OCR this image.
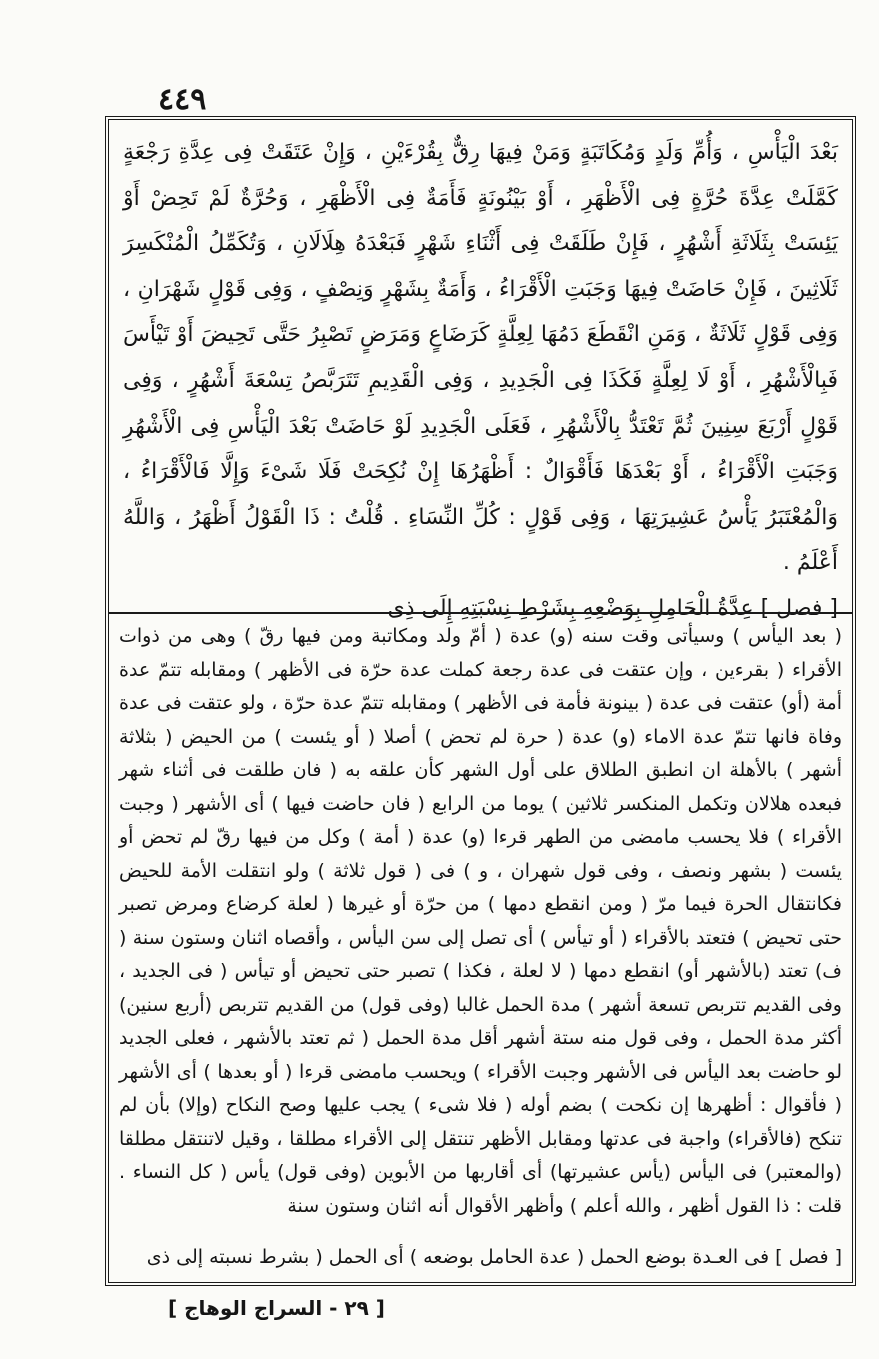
٤٤٩

بَعْدَ الْيَأْسِ ، وَأُمِّ وَلَدٍ وَمُكَاتَبَةٍ وَمَنْ فِيهَا رِقٌّ بِقُرْءَيْنِ ، وَإِنْ عَتَقَتْ فِى عِدَّةِ رَجْعَةٍ كَمَّلَتْ عِدَّةَ حُرَّةٍ فِى الْأَظْهَرِ ، أَوْ بَيْنُونَةٍ فَأَمَةٌ فِى الْأَظْهَرِ ، وَحُرَّةٌ لَمْ تَحِضْ أَوْ يَئِسَتْ بِثَلَاثَةِ أَشْهُرٍ ، فَإِنْ طَلَقَتْ فِى أَثْنَاءِ شَهْرٍ فَبَعْدَهُ هِلَالَانِ ، وَتُكَمِّلُ الْمُنْكَسِرَ ثَلَاثِينَ ، فَإِنْ حَاضَتْ فِيهَا وَجَبَتِ الْأَقْرَاءُ ، وَأَمَةٌ بِشَهْرٍ وَنِصْفٍ ، وَفِى قَوْلٍ شَهْرَانِ ، وَفِى قَوْلٍ ثَلَاثَةٌ ، وَمَنِ انْقَطَعَ دَمُهَا لِعِلَّةٍ كَرَضَاعٍ وَمَرَضٍ تَصْبِرُ حَتَّى تَحِيضَ أَوْ تَيْأَسَ فَبِالْأَشْهُرِ ، أَوْ لَا لِعِلَّةٍ فَكَذَا فِى الْجَدِيدِ ، وَفِى الْقَدِيمِ تَتَرَبَّصُ تِسْعَةَ أَشْهُرٍ ، وَفِى قَوْلٍ أَرْبَعَ سِنِينَ ثُمَّ تَعْتَدُّ بِالْأَشْهُرِ ، فَعَلَى الْجَدِيدِ لَوْ حَاضَتْ بَعْدَ الْيَأْسِ فِى الْأَشْهُرِ وَجَبَتِ الْأَقْرَاءُ ، أَوْ بَعْدَهَا فَأَقْوَالٌ : أَظْهَرُهَا إِنْ نُكِحَتْ فَلَا شَىْءَ وَإِلَّا فَالْأَقْرَاءُ ، وَالْمُعْتَبَرُ يَأْسُ عَشِيرَتِهَا ، وَفِى قَوْلٍ : كُلِّ النِّسَاءِ . قُلْتُ : ذَا الْقَوْلُ أَظْهَرُ ، وَاللَّهُ أَعْلَمُ .

[ فصل ] عِدَّةُ الْحَامِلِ بِوَضْعِهِ بِشَرْطِ نِسْبَتِهِ إِلَى ذِى

( بعد اليأس ) وسيأتى وقت سنه (و) عدة ( أمّ ولد ومكاتبة ومن فيها رقّ ) وهى من ذوات الأقراء ( بقرءين ، وإن عتقت فى عدة رجعة كملت عدة حرّة فى الأظهر ) ومقابله تتمّ عدة أمة (أو) عتقت فى عدة ( بينونة فأمة فى الأظهر ) ومقابله تتمّ عدة حرّة ، ولو عتقت فى عدة وفاة فانها تتمّ عدة الاماء (و) عدة ( حرة لم تحض ) أصلا ( أو يئست ) من الحيض ( بثلاثة أشهر ) بالأهلة ان انطبق الطلاق على أول الشهر كأن علقه به ( فان طلقت فى أثناء شهر فبعده هلالان وتكمل المنكسر ثلاثين ) يوما من الرابع ( فان حاضت فيها ) أى الأشهر ( وجبت الأقراء ) فلا يحسب مامضى من الطهر قرءا (و) عدة ( أمة ) وكل من فيها رقّ لم تحض أو يئست ( بشهر ونصف ، وفى قول شهران ، و ) فى ( قول ثلاثة ) ولو انتقلت الأمة للحيض فكانتقال الحرة فيما مرّ ( ومن انقطع دمها ) من حرّة أو غيرها ( لعلة كرضاع ومرض تصبر حتى تحيض ) فتعتد بالأقراء ( أو تيأس ) أى تصل إلى سن اليأس ، وأقصاه اثنان وستون سنة ( ف) تعتد (بالأشهر أو) انقطع دمها ( لا لعلة ، فكذا ) تصبر حتى تحيض أو تيأس ( فى الجديد ، وفى القديم تتربص تسعة أشهر ) مدة الحمل غالبا (وفى قول) من القديم تتربص (أربع سنين) أكثر مدة الحمل ، وفى قول منه ستة أشهر أقل مدة الحمل ( ثم تعتد بالأشهر ، فعلى الجديد لو حاضت بعد اليأس فى الأشهر وجبت الأقراء ) ويحسب مامضى قرءا ( أو بعدها ) أى الأشهر ( فأقوال : أظهرها إن نكحت ) بضم أوله ( فلا شىء ) يجب عليها وصح النكاح (وإلا) بأن لم تنكح (فالأقراء) واجبة فى عدتها ومقابل الأظهر تنتقل إلى الأقراء مطلقا ، وقيل لاتنتقل مطلقا (والمعتبر) فى اليأس (يأس عشيرتها) أى أقاربها من الأبوين (وفى قول) يأس ( كل النساء . قلت : ذا القول أظهر ، والله أعلم ) وأظهر الأقوال أنه اثنان وستون سنة

[ فصل ] فى العـدة بوضع الحمل ( عدة الحامل بوضعه ) أى الحمل ( بشرط نسبته إلى ذى
[ ٢٩ - السراج الوهاج ]
